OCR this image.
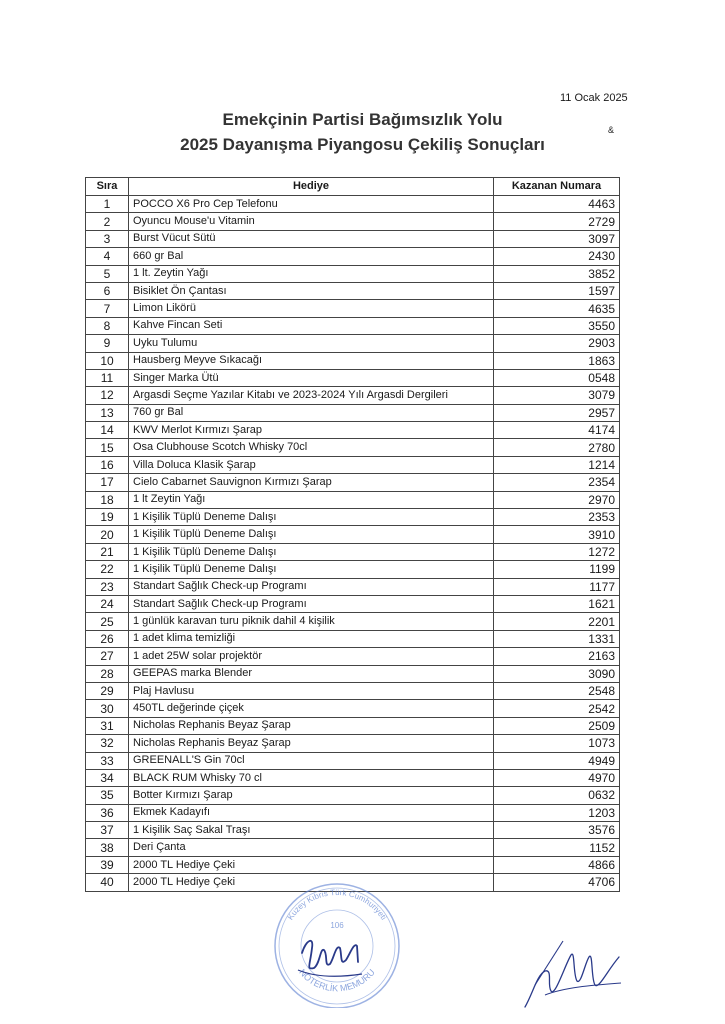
11 Ocak 2025
&
Emekçinin Partisi Bağımsızlık Yolu
2025 Dayanışma Piyangosu Çekiliş Sonuçları
Sıra	Hediye	Kazanan Numara
1	POCCO X6 Pro Cep Telefonu	4463
2	Oyuncu Mouse'u Vitamin	2729
3	Burst Vücut Sütü	3097
4	660 gr Bal	2430
5	1 lt. Zeytin Yağı	3852
6	Bisiklet Ön Çantası	1597
7	Limon Likörü	4635
8	Kahve Fincan Seti	3550
9	Uyku Tulumu	2903
10	Hausberg Meyve Sıkacağı	1863
11	Singer Marka Ütü	0548
12	Argasdi Seçme Yazılar Kitabı ve 2023-2024 Yılı Argasdi Dergileri	3079
13	760 gr Bal	2957
14	KWV Merlot Kırmızı Şarap	4174
15	Osa Clubhouse Scotch Whisky 70cl	2780
16	Villa Doluca Klasik Şarap	1214
17	Cielo Cabarnet Sauvignon Kırmızı Şarap	2354
18	1 lt Zeytin Yağı	2970
19	1 Kişilik Tüplü Deneme Dalışı	2353
20	1 Kişilik Tüplü Deneme Dalışı	3910
21	1 Kişilik Tüplü Deneme Dalışı	1272
22	1 Kişilik Tüplü Deneme Dalışı	1199
23	Standart Sağlık Check-up Programı	1177
24	Standart Sağlık Check-up Programı	1621
25	1 günlük karavan turu piknik dahil 4 kişilik	2201
26	1 adet klima temizliği	1331
27	1 adet 25W solar projektör	2163
28	GEEPAS marka Blender	3090
29	Plaj Havlusu	2548
30	450TL değerinde çiçek	2542
31	Nicholas Rephanis Beyaz Şarap	2509
32	Nicholas Rephanis Beyaz Şarap	1073
33	GREENALL'S Gin 70cl	4949
34	BLACK RUM Whisky 70 cl	4970
35	Botter Kırmızı Şarap	0632
36	Ekmek Kadayıfı	1203
37	1 Kişilik Saç Sakal Traşı	3576
38	Deri Çanta	1152
39	2000 TL Hediye Çeki	4866
40	2000 TL Hediye Çeki	4706
Kuzey Kıbrıs Türk Cumhuriyeti
106
NOTERLİK MEMURU
